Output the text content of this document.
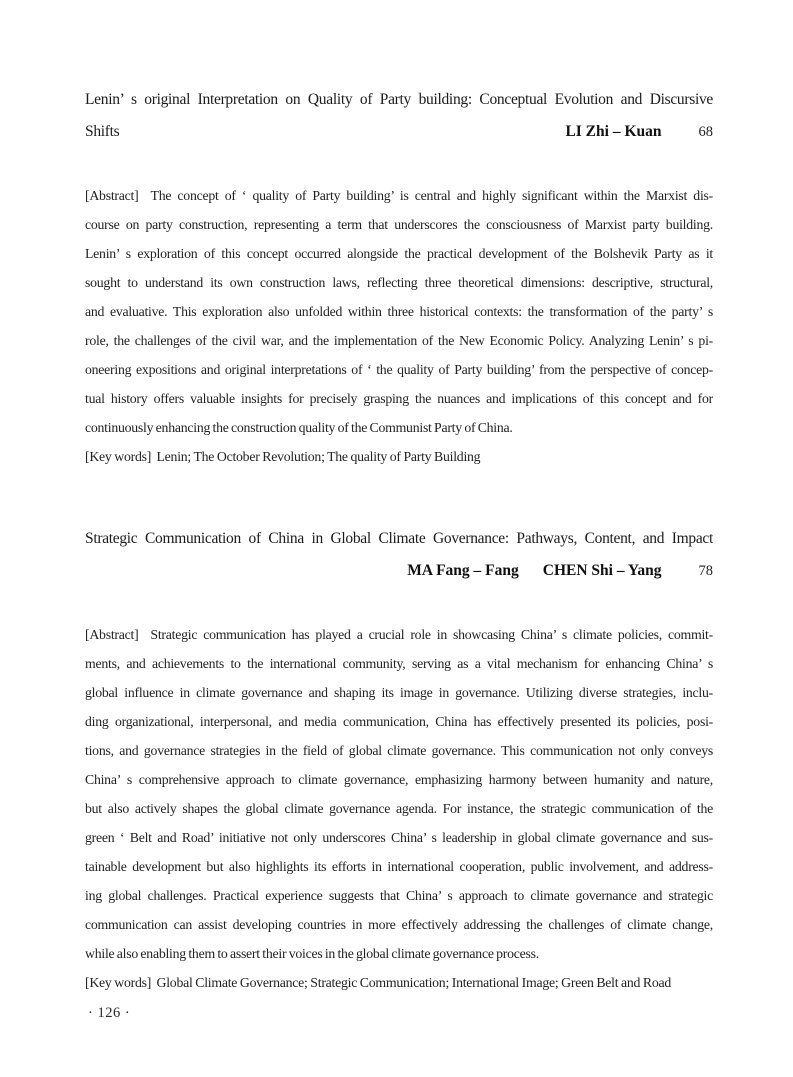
Lenin’ s original Interpretation on Quality of Party building: Conceptual Evolution and Discursive
Shifts	LI Zhi – Kuan	68
[Abstract]  The concept of ‘ quality of Party building’ is central and highly significant within the Marxist dis-
course on party construction, representing a term that underscores the consciousness of Marxist party building.
Lenin’ s exploration of this concept occurred alongside the practical development of the Bolshevik Party as it
sought to understand its own construction laws, reflecting three theoretical dimensions: descriptive, structural,
and evaluative. This exploration also unfolded within three historical contexts: the transformation of the party’ s
role, the challenges of the civil war, and the implementation of the New Economic Policy. Analyzing Lenin’ s pi-
oneering expositions and original interpretations of ‘ the quality of Party building’ from the perspective of concep-
tual history offers valuable insights for precisely grasping the nuances and implications of this concept and for
continuously enhancing the construction quality of the Communist Party of China.
[Key words]  Lenin; The October Revolution; The quality of Party Building
Strategic Communication of China in Global Climate Governance: Pathways, Content, and Impact
MA Fang – Fang CHEN Shi – Yang	78
[Abstract]  Strategic communication has played a crucial role in showcasing China’ s climate policies, commit-
ments, and achievements to the international community, serving as a vital mechanism for enhancing China’ s
global influence in climate governance and shaping its image in governance. Utilizing diverse strategies, inclu-
ding organizational, interpersonal, and media communication, China has effectively presented its policies, posi-
tions, and governance strategies in the field of global climate governance. This communication not only conveys
China’ s comprehensive approach to climate governance, emphasizing harmony between humanity and nature,
but also actively shapes the global climate governance agenda. For instance, the strategic communication of the
green ‘ Belt and Road’ initiative not only underscores China’ s leadership in global climate governance and sus-
tainable development but also highlights its efforts in international cooperation, public involvement, and address-
ing global challenges. Practical experience suggests that China’ s approach to climate governance and strategic
communication can assist developing countries in more effectively addressing the challenges of climate change,
while also enabling them to assert their voices in the global climate governance process.
[Key words]  Global Climate Governance; Strategic Communication; International Image; Green Belt and Road
· 126 ·
